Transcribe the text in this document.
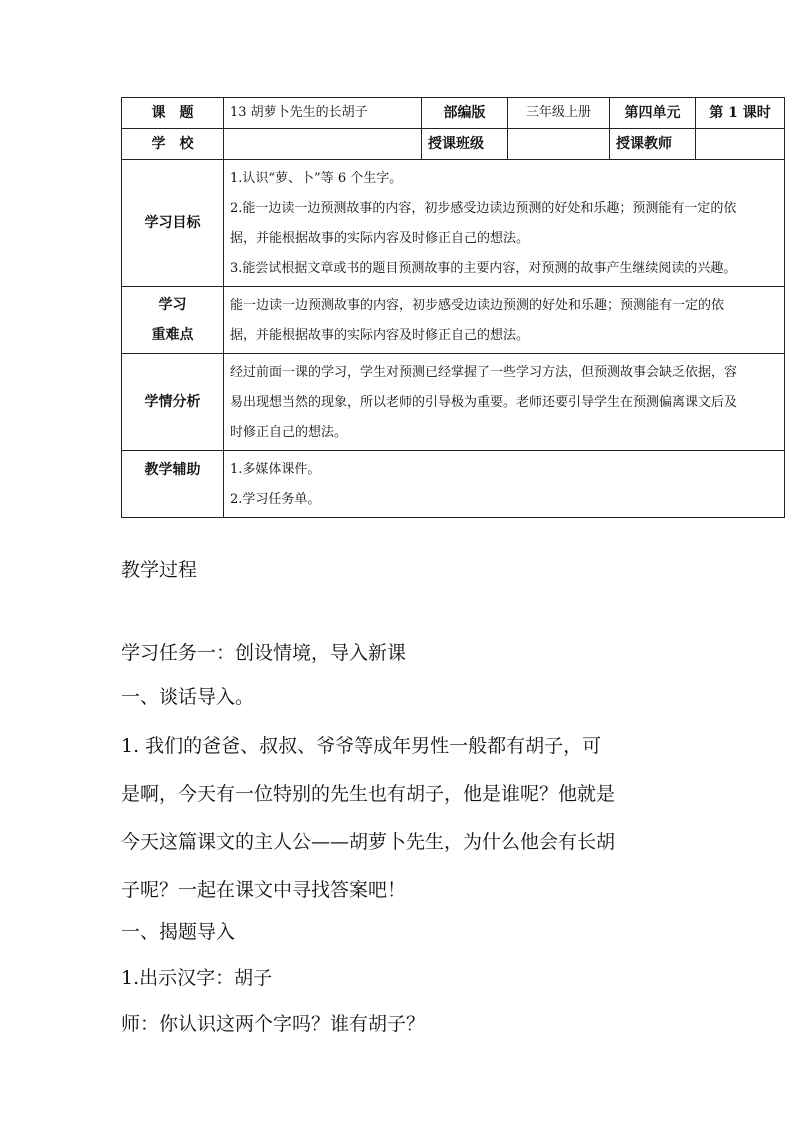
课　题	13 胡萝卜先生的长胡子	部编版	三年级上册	第四单元	第 1 课时
学　校		授课班级		授课教师	
学习目标	1.认识“萝、卜”等 6 个生字。
2.能一边读一边预测故事的内容，初步感受边读边预测的好处和乐趣；预测能有一定的依
据，并能根据故事的实际内容及时修正自己的想法。
3.能尝试根据文章或书的题目预测故事的主要内容，对预测的故事产生继续阅读的兴趣。				

学习
重难点	能一边读一边预测故事的内容，初步感受边读边预测的好处和乐趣；预测能有一定的依
据，并能根据故事的实际内容及时修正自己的想法。				

学情分析	经过前面一课的学习，学生对预测已经掌握了一些学习方法，但预测故事会缺乏依据，容
易出现想当然的现象，所以老师的引导极为重要。老师还要引导学生在预测偏离课文后及
时修正自己的想法。				

教学辅助	1.多媒体课件。
2.学习任务单。				
教学过程
学习任务一：创设情境，导入新课
一、谈话导入。
1. 我们的爸爸、叔叔、爷爷等成年男性一般都有胡子，可
是啊，今天有一位特别的先生也有胡子，他是谁呢？他就是
今天这篇课文的主人公——胡萝卜先生，为什么他会有长胡
子呢？一起在课文中寻找答案吧！
一、揭题导入
1.出示汉字：胡子
师：你认识这两个字吗？谁有胡子？
